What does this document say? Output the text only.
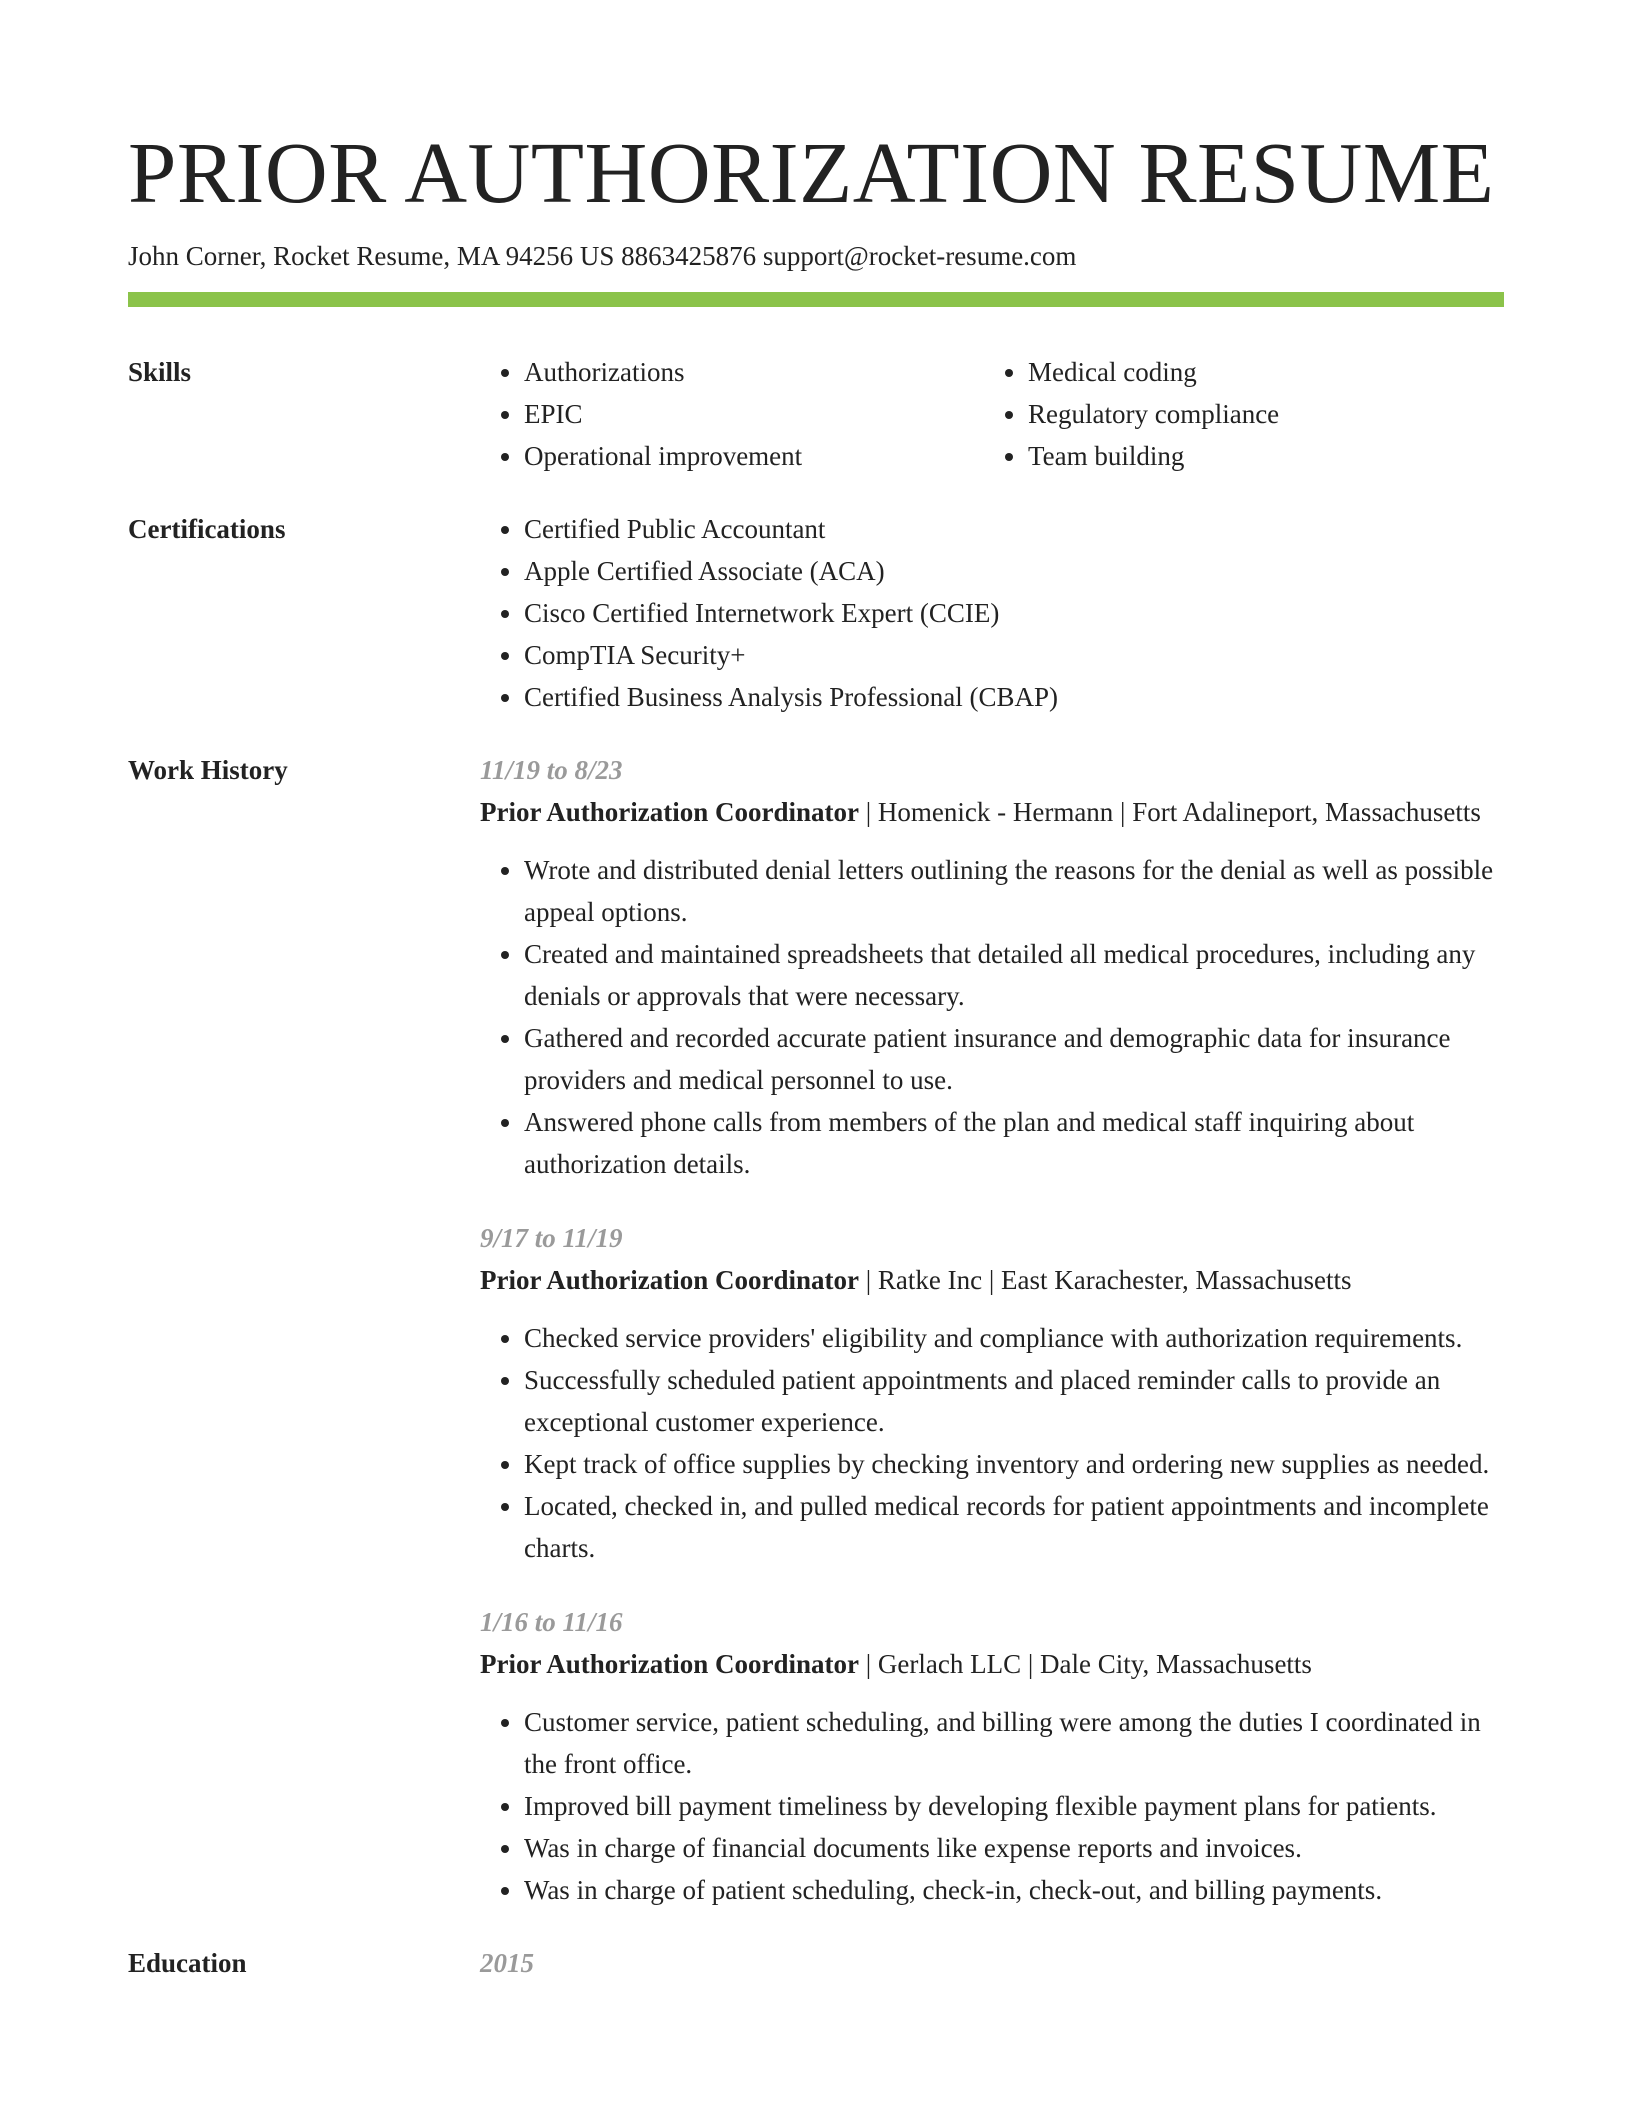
PRIOR AUTHORIZATION RESUME
John Corner, Rocket Resume, MA 94256 US 8863425876 support@rocket-resume.com
Skills	• Authorizations
• EPIC
• Operational improvement
• Medical coding
• Regulatory compliance
• Team building
Certifications	• Certified Public Accountant
• Apple Certified Associate (ACA)
• Cisco Certified Internetwork Expert (CCIE)
• CompTIA Security+
• Certified Business Analysis Professional (CBAP)
Work History	11/19 to 8/23
Prior Authorization Coordinator | Homenick - Hermann | Fort Adalineport, Massachusetts
• Wrote and distributed denial letters outlining the reasons for the denial as well as possible appeal options.
• Created and maintained spreadsheets that detailed all medical procedures, including any denials or approvals that were necessary.
• Gathered and recorded accurate patient insurance and demographic data for insurance providers and medical personnel to use.
• Answered phone calls from members of the plan and medical staff inquiring about authorization details.
9/17 to 11/19
Prior Authorization Coordinator | Ratke Inc | East Karachester, Massachusetts
• Checked service providers' eligibility and compliance with authorization requirements.
• Successfully scheduled patient appointments and placed reminder calls to provide an exceptional customer experience.
• Kept track of office supplies by checking inventory and ordering new supplies as needed.
• Located, checked in, and pulled medical records for patient appointments and incomplete charts.
1/16 to 11/16
Prior Authorization Coordinator | Gerlach LLC | Dale City, Massachusetts
• Customer service, patient scheduling, and billing were among the duties I coordinated in the front office.
• Improved bill payment timeliness by developing flexible payment plans for patients.
• Was in charge of financial documents like expense reports and invoices.
• Was in charge of patient scheduling, check-in, check-out, and billing payments.
Education	2015
